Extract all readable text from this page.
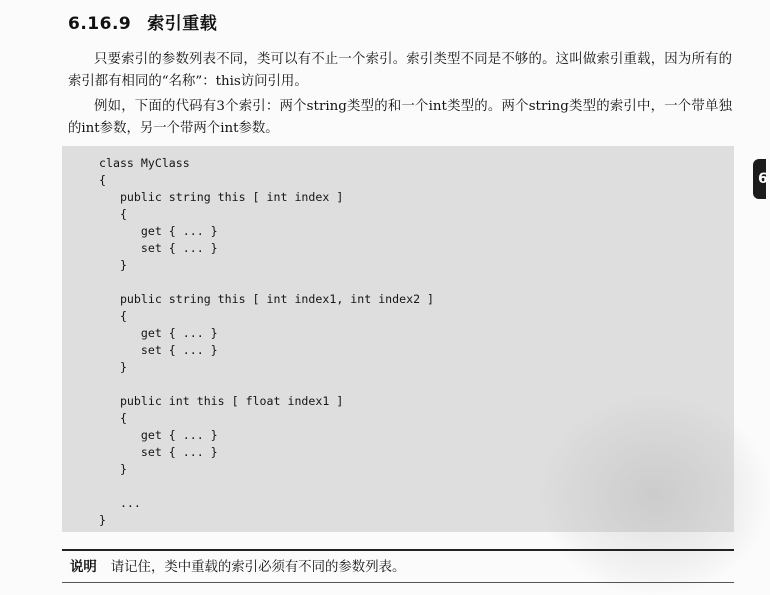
6.16.9 索引重载
只要索引的参数列表不同，类可以有不止一个索引。索引类型不同是不够的。这叫做索引重载，因为所有的索引都有相同的“名称”：this访问引用。
例如，下面的代码有3个索引：两个string类型的和一个int类型的。两个string类型的索引中，一个带单独的int参数，另一个带两个int参数。
class MyClass
{
public string this [ int index ]
{
get { ... }
set { ... }
}

public string this [ int index1, int index2 ]
{
get { ... }
set { ... }
}

public int this [ float index1 ]
{
get { ... }
set { ... }
}

...
}
6
说明 请记住，类中重载的索引必须有不同的参数列表。
